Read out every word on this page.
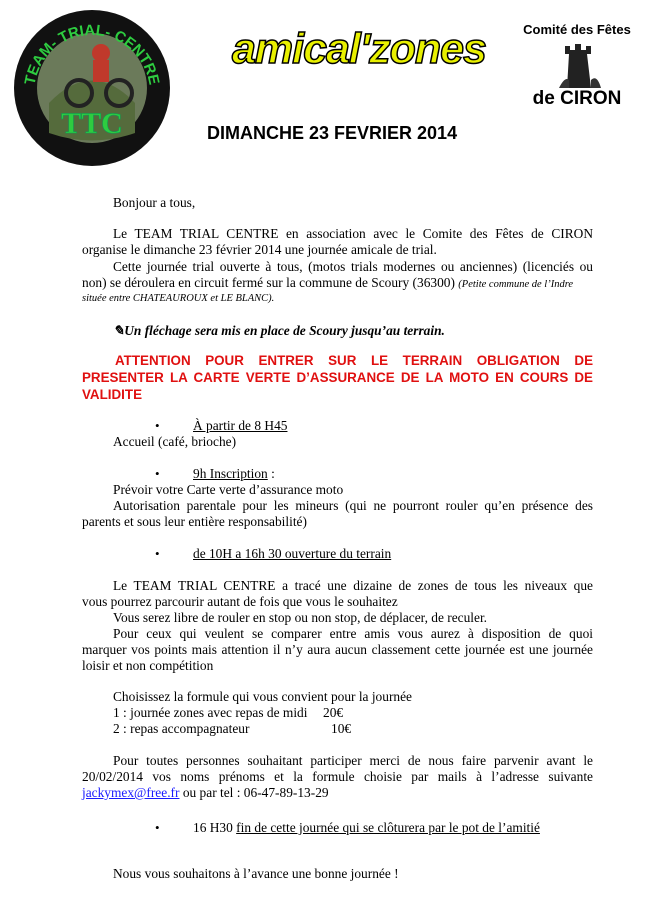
TEAM- TRIAL- CENTRE
TTC
amical'zones	Comité des Fêtes
de CIRON
DIMANCHE 23 FEVRIER 2014
Bonjour a tous,
Le TEAM TRIAL CENTRE en association avec le Comite des Fêtes de CIRON
organise le dimanche 23 février 2014 une journée amicale de trial.
Cette journée trial ouverte à tous, (motos trials modernes ou anciennes) (licenciés ou
non) se déroulera en circuit fermé sur la commune de Scoury (36300) (Petite commune de l’Indre
située entre CHATEAUROUX et LE BLANC).
✎Un fléchage sera mis en place de Scoury jusqu’au terrain.
ATTENTION POUR ENTRER SUR LE TERRAIN OBLIGATION DE
PRESENTER LA CARTE VERTE D’ASSURANCE DE LA MOTO EN COURS DE
VALIDITE
• À partir de 8 H45
Accueil (café, brioche)
• 9h Inscription :
Prévoir votre Carte verte d’assurance moto
Autorisation parentale pour les mineurs (qui ne pourront rouler qu’en présence des
parents et sous leur entière responsabilité)
• de 10H a 16h 30 ouverture du terrain
Le TEAM TRIAL CENTRE a tracé une dizaine de zones de tous les niveaux que
vous pourrez parcourir autant de fois que vous le souhaitez
Vous serez libre de rouler en stop ou non stop, de déplacer, de reculer.
Pour ceux qui veulent se comparer entre amis vous aurez à disposition de quoi
marquer vos points mais attention il n’y aura aucun classement cette journée est une journée
loisir et non compétition
Choisissez la formule qui vous convient pour la journée
1 : journée zones avec repas de midi 20€
2 : repas accompagnateur	10€
Pour toutes personnes souhaitant participer merci de nous faire parvenir avant le
20/02/2014 vos noms prénoms et la formule choisie par mails à l’adresse suivante
jackymex@free.fr ou par tel : 06-47-89-13-29
• 16 H30 fin de cette journée qui se clôturera par le pot de l’amitié
Nous vous souhaitons à l’avance une bonne journée !
